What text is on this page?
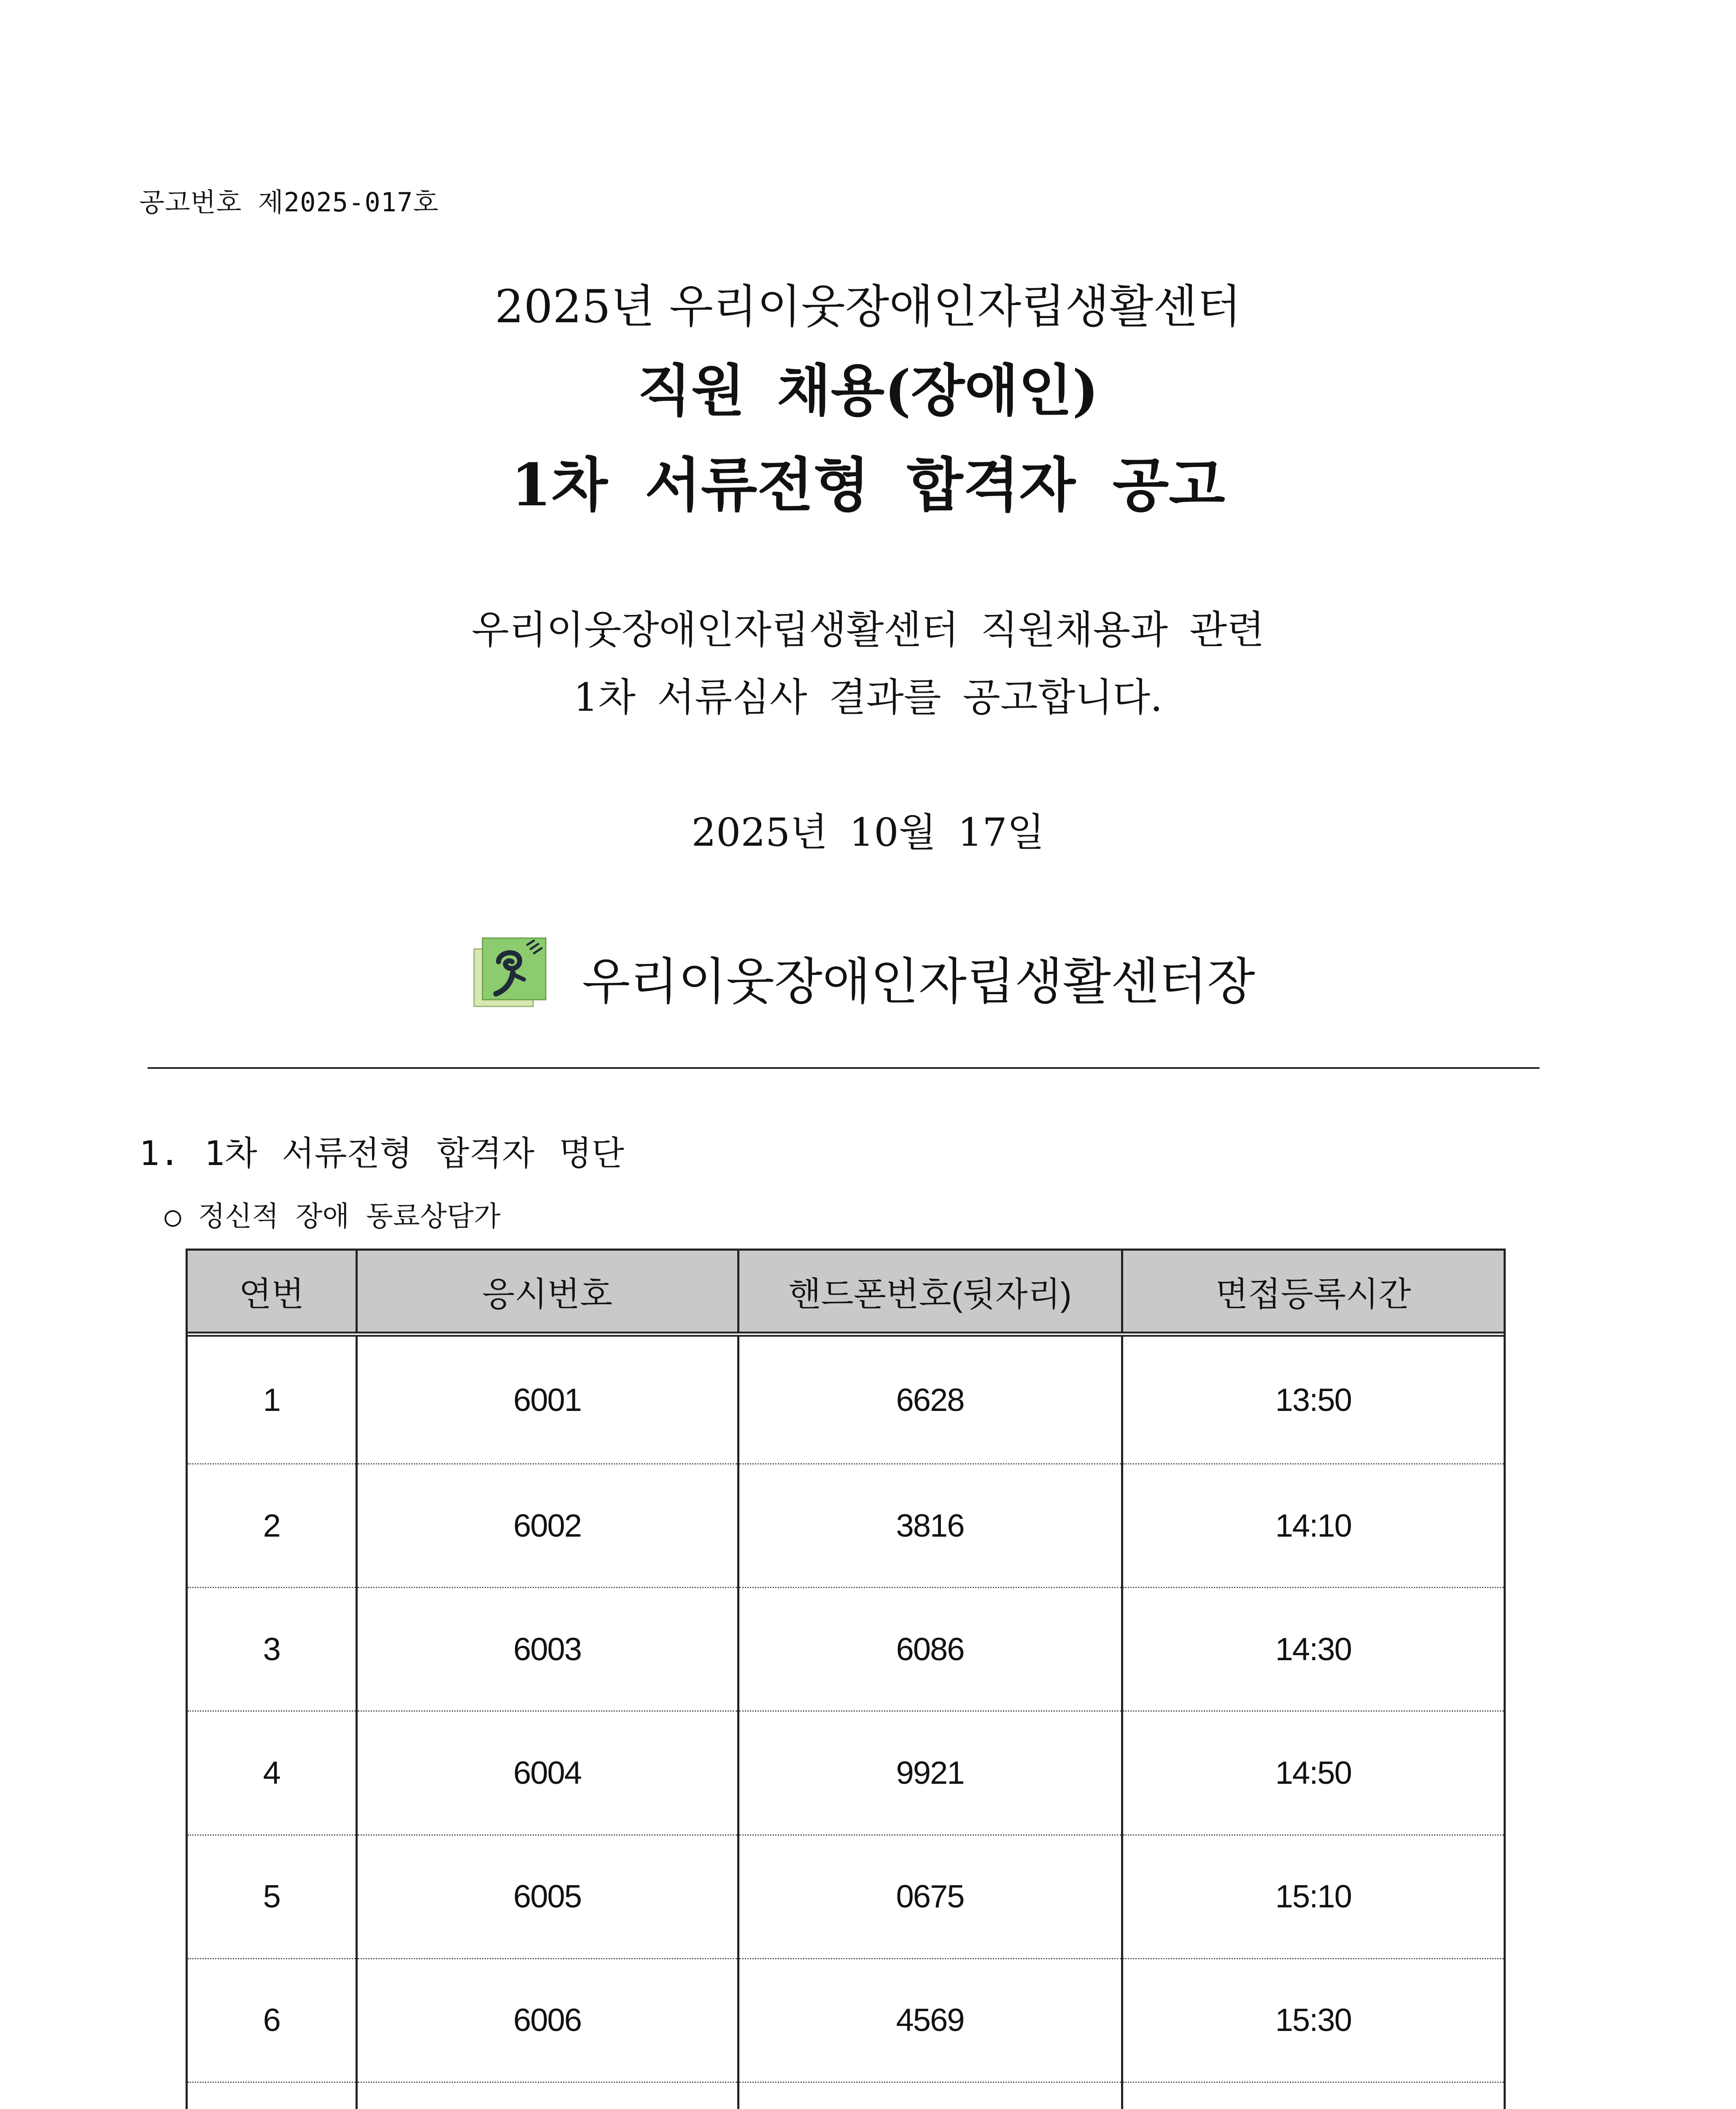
공고번호 제2025-017호
2025년 우리이웃장애인자립생활센터
직원 채용(장애인)
1차 서류전형 합격자 공고
우리이웃장애인자립생활센터 직원채용과 관련
1차 서류심사 결과를 공고합니다.
2025년 10월 17일
우리이웃장애인자립생활센터장
1. 1차 서류전형 합격자 명단
○ 정신적 장애 동료상담가
연번	응시번호	핸드폰번호(뒷자리)	면접등록시간
1	6001	6628	13:50
2	6002	3816	14:10
3	6003	6086	14:30
4	6004	9921	14:50
5	6005	0675	15:10
6	6006	4569	15:30
